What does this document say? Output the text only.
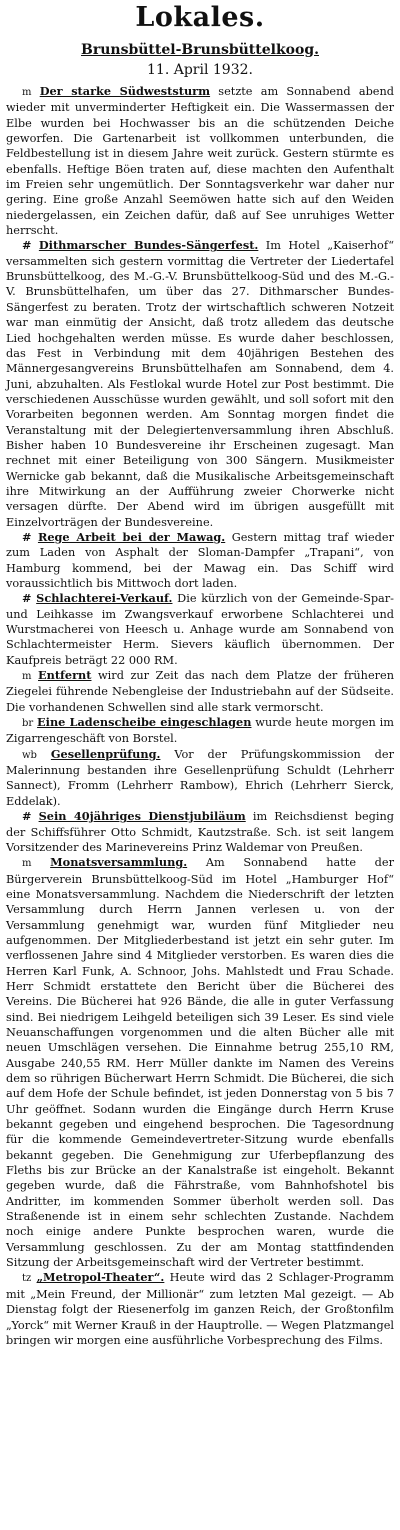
Lokales.
Brunsbüttel-Brunsbüttelkoog.
11. April 1932.

m Der starke Südweststurm setzte am Sonnabend abend wieder mit unverminderter Heftigkeit ein. Die Wassermassen der Elbe wurden bei Hochwasser bis an die schützenden Deiche geworfen. Die Gartenarbeit ist vollkommen unterbunden, die Feldbestellung ist in diesem Jahre weit zurück. Gestern stürmte es ebenfalls. Heftige Böen traten auf, diese machten den Aufenthalt im Freien sehr ungemütlich. Der Sonntagsverkehr war daher nur gering. Eine große Anzahl Seemöwen hatte sich auf den Weiden niedergelassen, ein Zeichen dafür, daß auf See unruhiges Wetter herrscht.

# Dithmarscher Bundes-Sängerfest. Im Hotel „Kaiserhof“ versammelten sich gestern vormittag die Vertreter der Liedertafel Brunsbüttelkoog, des M.-G.-V. Brunsbüttelkoog-Süd und des M.-G.-V. Brunsbüttelhafen, um über das 27. Dithmarscher Bundes-Sängerfest zu beraten. Trotz der wirtschaftlich schweren Notzeit war man einmütig der Ansicht, daß trotz alledem das deutsche Lied hochgehalten werden müsse. Es wurde daher beschlossen, das Fest in Verbindung mit dem 40jährigen Bestehen des Männergesangvereins Brunsbüttelhafen am Sonnabend, dem 4. Juni, abzuhalten. Als Festlokal wurde Hotel zur Post bestimmt. Die verschiedenen Ausschüsse wurden gewählt, und soll sofort mit den Vorarbeiten begonnen werden. Am Sonntag morgen findet die Veranstaltung mit der Delegiertenversammlung ihren Abschluß. Bisher haben 10 Bundesvereine ihr Erscheinen zugesagt. Man rechnet mit einer Beteiligung von 300 Sängern. Musikmeister Wernicke gab bekannt, daß die Musikalische Arbeitsgemeinschaft ihre Mitwirkung an der Aufführung zweier Chorwerke nicht versagen dürfte. Der Abend wird im übrigen ausgefüllt mit Einzelvorträgen der Bundesvereine.

# Rege Arbeit bei der Mawag. Gestern mittag traf wieder zum Laden von Asphalt der Sloman-Dampfer „Trapani“, von Hamburg kommend, bei der Mawag ein. Das Schiff wird voraussichtlich bis Mittwoch dort laden.

# Schlachterei-Verkauf. Die kürzlich von der Gemeinde-Spar- und Leihkasse im Zwangsverkauf erworbene Schlachterei und Wurstmacherei von Heesch u. Anhage wurde am Sonnabend von Schlachtermeister Herm. Sievers käuflich übernommen. Der Kaufpreis beträgt 22 000 RM.

m Entfernt wird zur Zeit das nach dem Platze der früheren Ziegelei führende Nebengleise der Industriebahn auf der Südseite. Die vorhandenen Schwellen sind alle stark vermorscht.

br Eine Ladenscheibe eingeschlagen wurde heute morgen im Zigarrengeschäft von Borstel.

wb Gesellenprüfung. Vor der Prüfungskommission der Malerinnung bestanden ihre Gesellenprüfung Schuldt (Lehrherr Sannect), Fromm (Lehrherr Rambow), Ehrich (Lehrherr Sierck, Eddelak).

# Sein 40jähriges Dienstjubiläum im Reichsdienst beging der Schiffsführer Otto Schmidt, Kautzstraße. Sch. ist seit langem Vorsitzender des Marinevereins Prinz Waldemar von Preußen.

m Monatsversammlung. Am Sonnabend hatte der Bürgerverein Brunsbüttelkoog-Süd im Hotel „Hamburger Hof“ eine Monatsversammlung. Nachdem die Niederschrift der letzten Versammlung durch Herrn Jannen verlesen u. von der Versammlung genehmigt war, wurden fünf Mitglieder neu aufgenommen. Der Mitgliederbestand ist jetzt ein sehr guter. Im verflossenen Jahre sind 4 Mitglieder verstorben. Es waren dies die Herren Karl Funk, A. Schnoor, Johs. Mahlstedt und Frau Schade. Herr Schmidt erstattete den Bericht über die Bücherei des Vereins. Die Bücherei hat 926 Bände, die alle in guter Verfassung sind. Bei niedrigem Leihgeld beteiligen sich 39 Leser. Es sind viele Neuanschaffungen vorgenommen und die alten Bücher alle mit neuen Umschlägen versehen. Die Einnahme betrug 255,10 RM, Ausgabe 240,55 RM. Herr Müller dankte im Namen des Vereins dem so rührigen Bücherwart Herrn Schmidt. Die Bücherei, die sich auf dem Hofe der Schule befindet, ist jeden Donnerstag von 5 bis 7 Uhr geöffnet. Sodann wurden die Eingänge durch Herrn Kruse bekannt gegeben und eingehend besprochen. Die Tagesordnung für die kommende Gemeindevertreter-Sitzung wurde ebenfalls bekannt gegeben. Die Genehmigung zur Uferbepflanzung des Fleths bis zur Brücke an der Kanalstraße ist eingeholt. Bekannt gegeben wurde, daß die Fährstraße, vom Bahnhofshotel bis Andritter, im kommenden Sommer überholt werden soll. Das Straßenende ist in einem sehr schlechten Zustande. Nachdem noch einige andere Punkte besprochen waren, wurde die Versammlung geschlossen. Zu der am Montag stattfindenden Sitzung der Arbeitsgemeinschaft wird der Vertreter bestimmt.

tz „Metropol-Theater“. Heute wird das 2 Schlager-Programm mit „Mein Freund, der Millionär“ zum letzten Mal gezeigt. — Ab Dienstag folgt der Riesenerfolg im ganzen Reich, der Großtonfilm „Yorck“ mit Werner Krauß in der Hauptrolle. — Wegen Platzmangel bringen wir morgen eine ausführliche Vorbesprechung des Films.
